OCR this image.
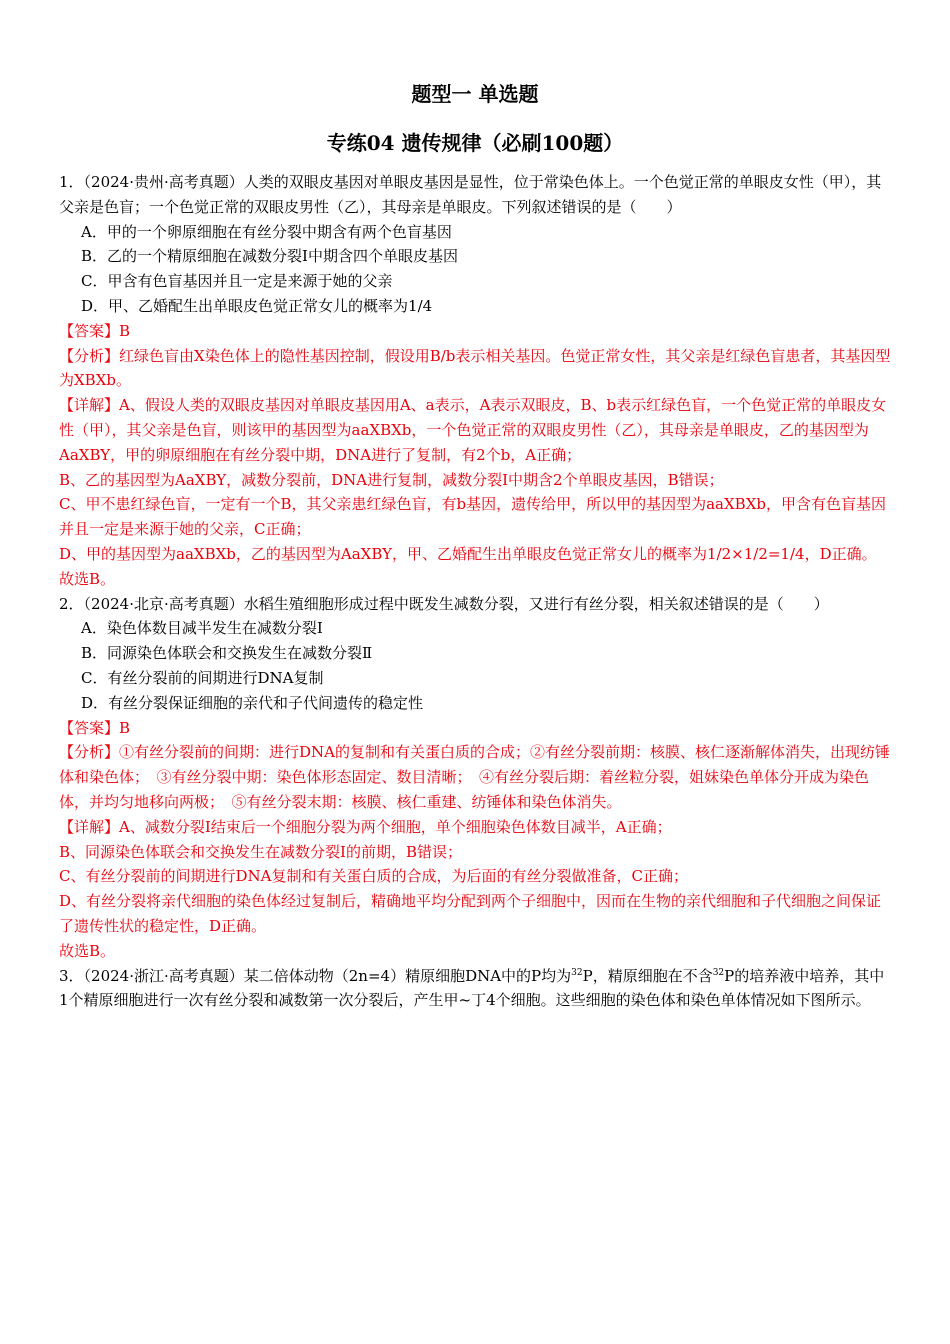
题型一 单选题
专练04 遗传规律（必刷100题）

1．（2024·贵州·高考真题）人类的双眼皮基因对单眼皮基因是显性，位于常染色体上。一个色觉正常的单眼皮女性（甲），其父亲是色盲；一个色觉正常的双眼皮男性（乙），其母亲是单眼皮。下列叙述错误的是（　　）

A．甲的一个卵原细胞在有丝分裂中期含有两个色盲基因

B．乙的一个精原细胞在减数分裂Ⅰ中期含四个单眼皮基因

C．甲含有色盲基因并且一定是来源于她的父亲

D．甲、乙婚配生出单眼皮色觉正常女儿的概率为1/4

【答案】B

【分析】红绿色盲由X染色体上的隐性基因控制，假设用B/b表示相关基因。色觉正常女性，其父亲是红绿色盲患者，其基因型为XBXb。

【详解】A、假设人类的双眼皮基因对单眼皮基因用A、a表示，A表示双眼皮，B、b表示红绿色盲，一个色觉正常的单眼皮女性（甲），其父亲是色盲，则该甲的基因型为aaXBXb，一个色觉正常的双眼皮男性（乙），其母亲是单眼皮，乙的基因型为AaXBY，甲的卵原细胞在有丝分裂中期，DNA进行了复制，有2个b，A正确；

B、乙的基因型为AaXBY，减数分裂前，DNA进行复制，减数分裂Ⅰ中期含2个单眼皮基因，B错误；

C、甲不患红绿色盲，一定有一个B，其父亲患红绿色盲，有b基因，遗传给甲，所以甲的基因型为aaXBXb，甲含有色盲基因并且一定是来源于她的父亲，C正确；

D、甲的基因型为aaXBXb，乙的基因型为AaXBY，甲、乙婚配生出单眼皮色觉正常女儿的概率为1/2×1/2=1/4，D正确。

故选B。

2．（2024·北京·高考真题）水稻生殖细胞形成过程中既发生减数分裂，又进行有丝分裂，相关叙述错误的是（　　）

A．染色体数目减半发生在减数分裂Ⅰ

B．同源染色体联会和交换发生在减数分裂Ⅱ

C．有丝分裂前的间期进行DNA复制

D．有丝分裂保证细胞的亲代和子代间遗传的稳定性

【答案】B

【分析】①有丝分裂前的间期：进行DNA的复制和有关蛋白质的合成；②有丝分裂前期：核膜、核仁逐渐解体消失，出现纺锤体和染色体；　③有丝分裂中期：染色体形态固定、数目清晰；　④有丝分裂后期：着丝粒分裂，姐妹染色单体分开成为染色体，并均匀地移向两极；　⑤有丝分裂末期：核膜、核仁重建、纺锤体和染色体消失。

【详解】A、减数分裂Ⅰ结束后一个细胞分裂为两个细胞，单个细胞染色体数目减半，A正确；

B、同源染色体联会和交换发生在减数分裂Ⅰ的前期，B错误；

C、有丝分裂前的间期进行DNA复制和有关蛋白质的合成，为后面的有丝分裂做准备，C正确；

D、有丝分裂将亲代细胞的染色体经过复制后，精确地平均分配到两个子细胞中，因而在生物的亲代细胞和子代细胞之间保证了遗传性状的稳定性，D正确。

故选B。

3．（2024·浙江·高考真题）某二倍体动物（2n=4）精原细胞DNA中的P均为$^{32}$P，精原细胞在不含$^{32}$P的培养液中培养，其中1个精原细胞进行一次有丝分裂和减数第一次分裂后，产生甲~丁4个细胞。这些细胞的染色体和染色单体情况如下图所示。
